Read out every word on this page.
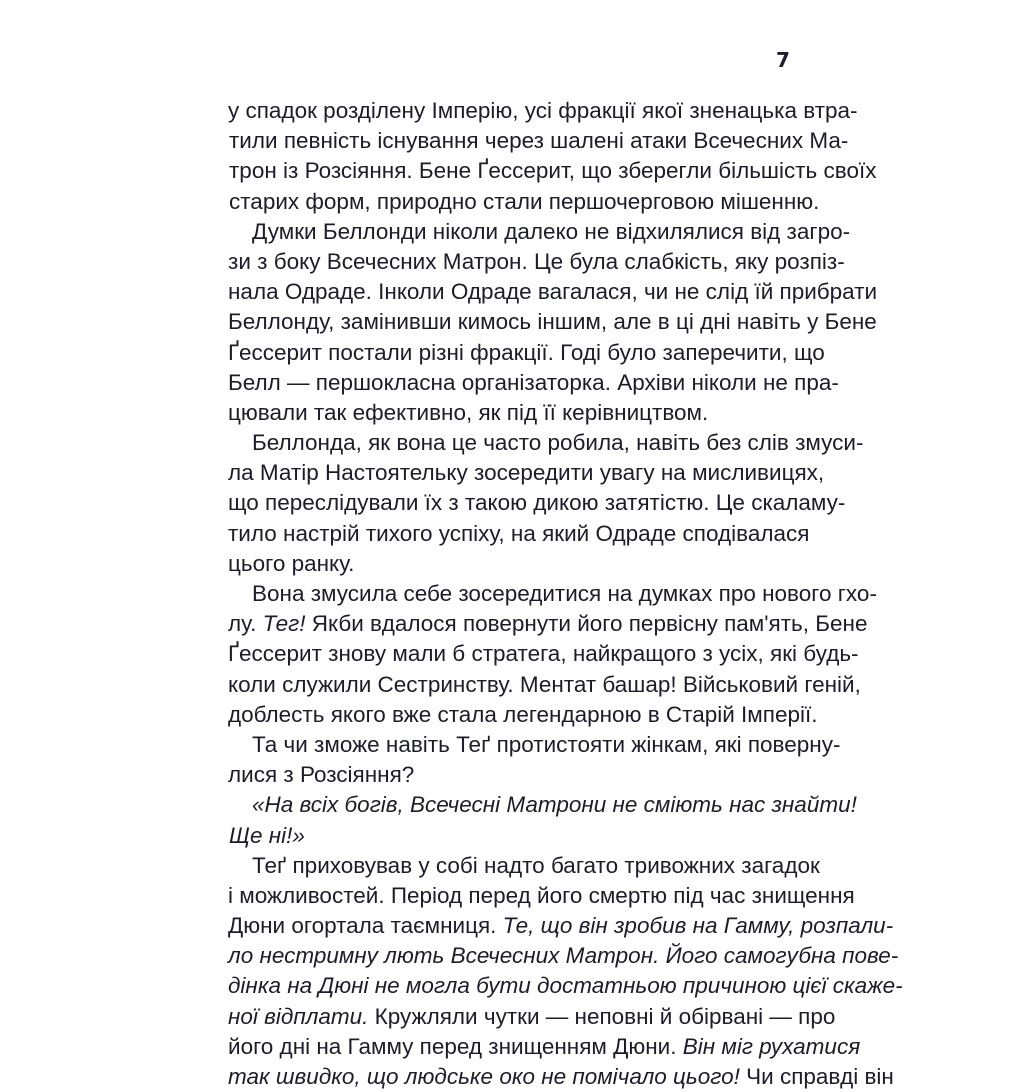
7
у спадок розділену Імперію, усі фракції якої зненацька втра-
тили певність існування через шалені атаки Всечесних Ма-
трон із Розсіяння. Бене Ґессерит, що зберегли більшість своїх
старих форм, природно стали першочерговою мішенню.
Думки Беллонди ніколи далеко не відхилялися від загро-
зи з боку Всечесних Матрон. Це була слабкість, яку розпіз-
нала Одраде. Інколи Одраде вагалася, чи не слід їй прибрати
Беллонду, замінивши кимось іншим, але в ці дні навіть у Бене
Ґессерит постали різні фракції. Годі було заперечити, що
Белл — першокласна організаторка. Архіви ніколи не пра-
цювали так ефективно, як під її керівництвом.
Беллонда, як вона це часто робила, навіть без слів змуси-
ла Матір Настоятельку зосередити увагу на мисливицях,
що переслідували їх з такою дикою затятістю. Це скаламу-
тило настрій тихого успіху, на який Одраде сподівалася
цього ранку.
Вона змусила себе зосередитися на думках про нового гхо-
лу. Тег! Якби вдалося повернути його первісну пам'ять, Бене
Ґессерит знову мали б стратега, найкращого з усіх, які будь-
коли служили Сестринству. Ментат башар! Військовий геній,
доблесть якого вже стала легендарною в Старій Імперії.
Та чи зможе навіть Теґ протистояти жінкам, які поверну-
лися з Розсіяння?
«На всіх богів, Всечесні Матрони не сміють нас знайти!
Ще ні!»
Теґ приховував у собі надто багато тривожних загадок
і можливостей. Період перед його смертю під час знищення
Дюни огортала таємниця. Те, що він зробив на Гамму, розпали-
ло нестримну лють Всечесних Матрон. Його самогубна пове-
дінка на Дюні не могла бути достатньою причиною цієї скаже-
ної відплати. Кружляли чутки — неповні й обірвані — про
його дні на Гамму перед знищенням Дюни. Він міг рухатися
так швидко, що людське око не помічало цього! Чи справді він
